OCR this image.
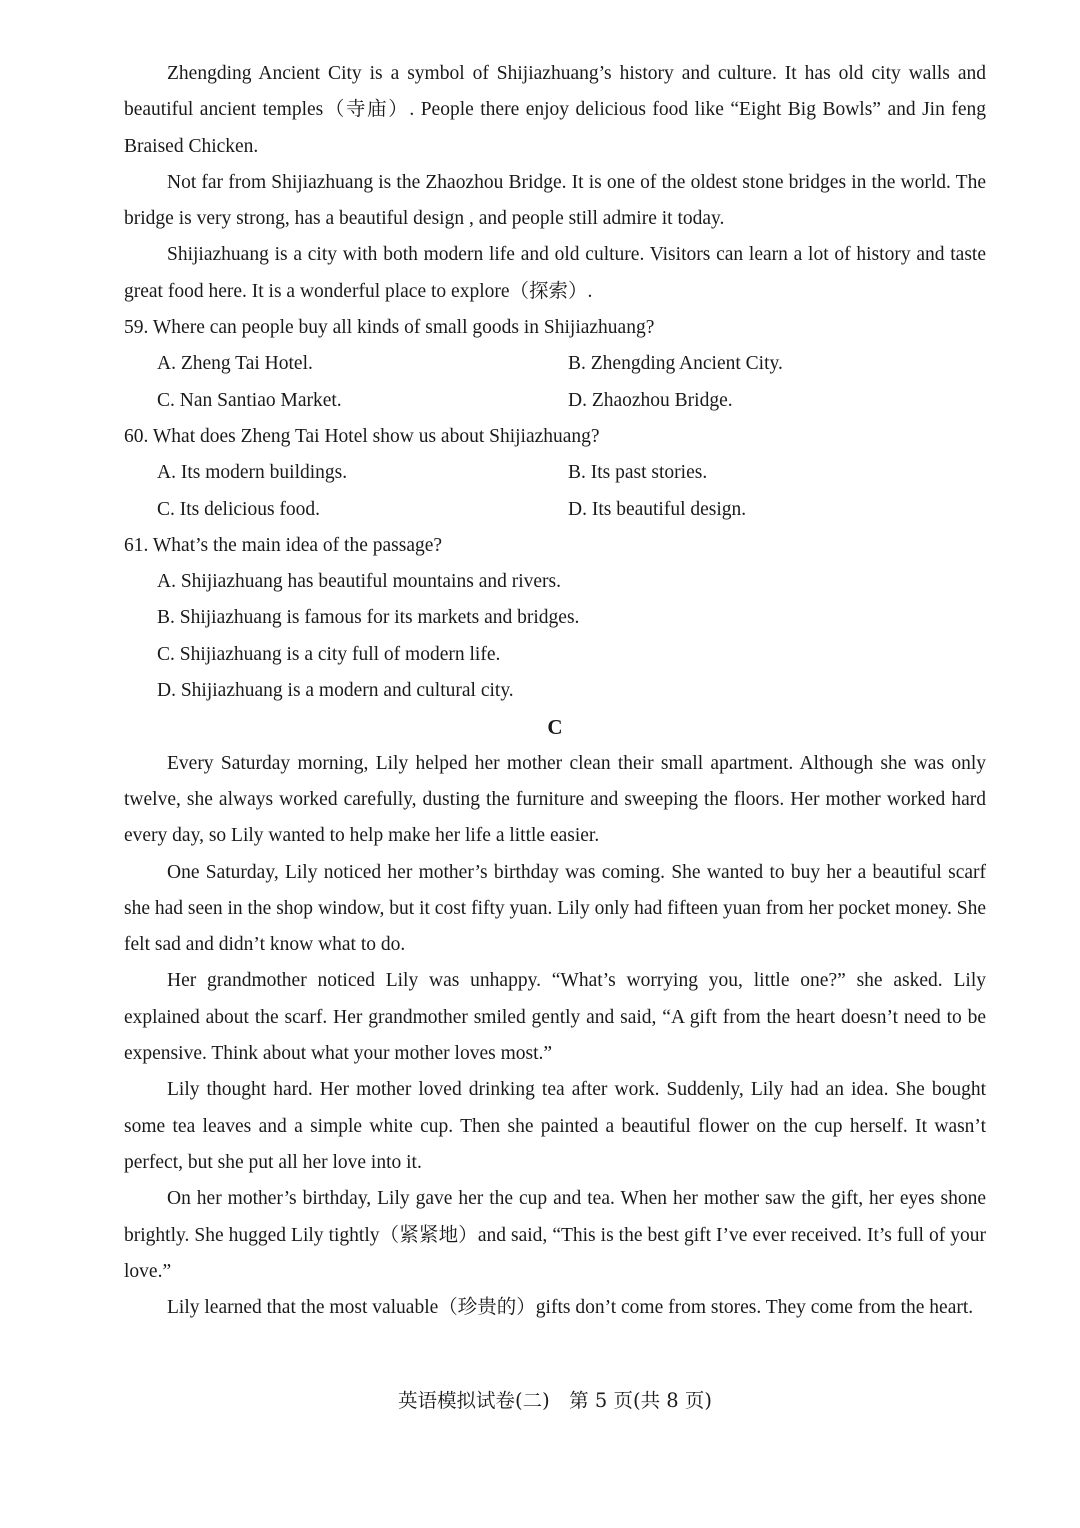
Zhengding Ancient City is a symbol of Shijiazhuang’s history and culture. It has old city walls and beautiful ancient temples（寺庙）. People there enjoy delicious food like “Eight Big Bowls” and Jin feng Braised Chicken.

Not far from Shijiazhuang is the Zhaozhou Bridge. It is one of the oldest stone bridges in the world. The bridge is very strong, has a beautiful design , and people still admire it today.

Shijiazhuang is a city with both modern life and old culture. Visitors can learn a lot of history and taste great food here. It is a wonderful place to explore（探索）.

59. Where can people buy all kinds of small goods in Shijiazhuang?

A. Zheng Tai Hotel.	B. Zhengding Ancient City.
C. Nan Santiao Market.	D. Zhaozhou Bridge.

60. What does Zheng Tai Hotel show us about Shijiazhuang?

A. Its modern buildings.	B. Its past stories.
C. Its delicious food.	D. Its beautiful design.

61. What’s the main idea of the passage?

A. Shijiazhuang has beautiful mountains and rivers.
B. Shijiazhuang is famous for its markets and bridges.
C. Shijiazhuang is a city full of modern life.
D. Shijiazhuang is a modern and cultural city.
C

Every Saturday morning, Lily helped her mother clean their small apartment. Although she was only twelve, she always worked carefully, dusting the furniture and sweeping the floors. Her mother worked hard every day, so Lily wanted to help make her life a little easier.

One Saturday, Lily noticed her mother’s birthday was coming. She wanted to buy her a beautiful scarf she had seen in the shop window, but it cost fifty yuan. Lily only had fifteen yuan from her pocket money. She felt sad and didn’t know what to do.

Her grandmother noticed Lily was unhappy. “What’s worrying you, little one?” she asked. Lily explained about the scarf. Her grandmother smiled gently and said, “A gift from the heart doesn’t need to be expensive. Think about what your mother loves most.”

Lily thought hard. Her mother loved drinking tea after work. Suddenly, Lily had an idea. She bought some tea leaves and a simple white cup. Then she painted a beautiful flower on the cup herself. It wasn’t perfect, but she put all her love into it.

On her mother’s birthday, Lily gave her the cup and tea. When her mother saw the gift, her eyes shone brightly. She hugged Lily tightly（紧紧地）and said, “This is the best gift I’ve ever received. It’s full of your love.”

Lily learned that the most valuable（珍贵的）gifts don’t come from stores. They come from the heart.

英语模拟试卷(二)　第 5 页(共 8 页)
